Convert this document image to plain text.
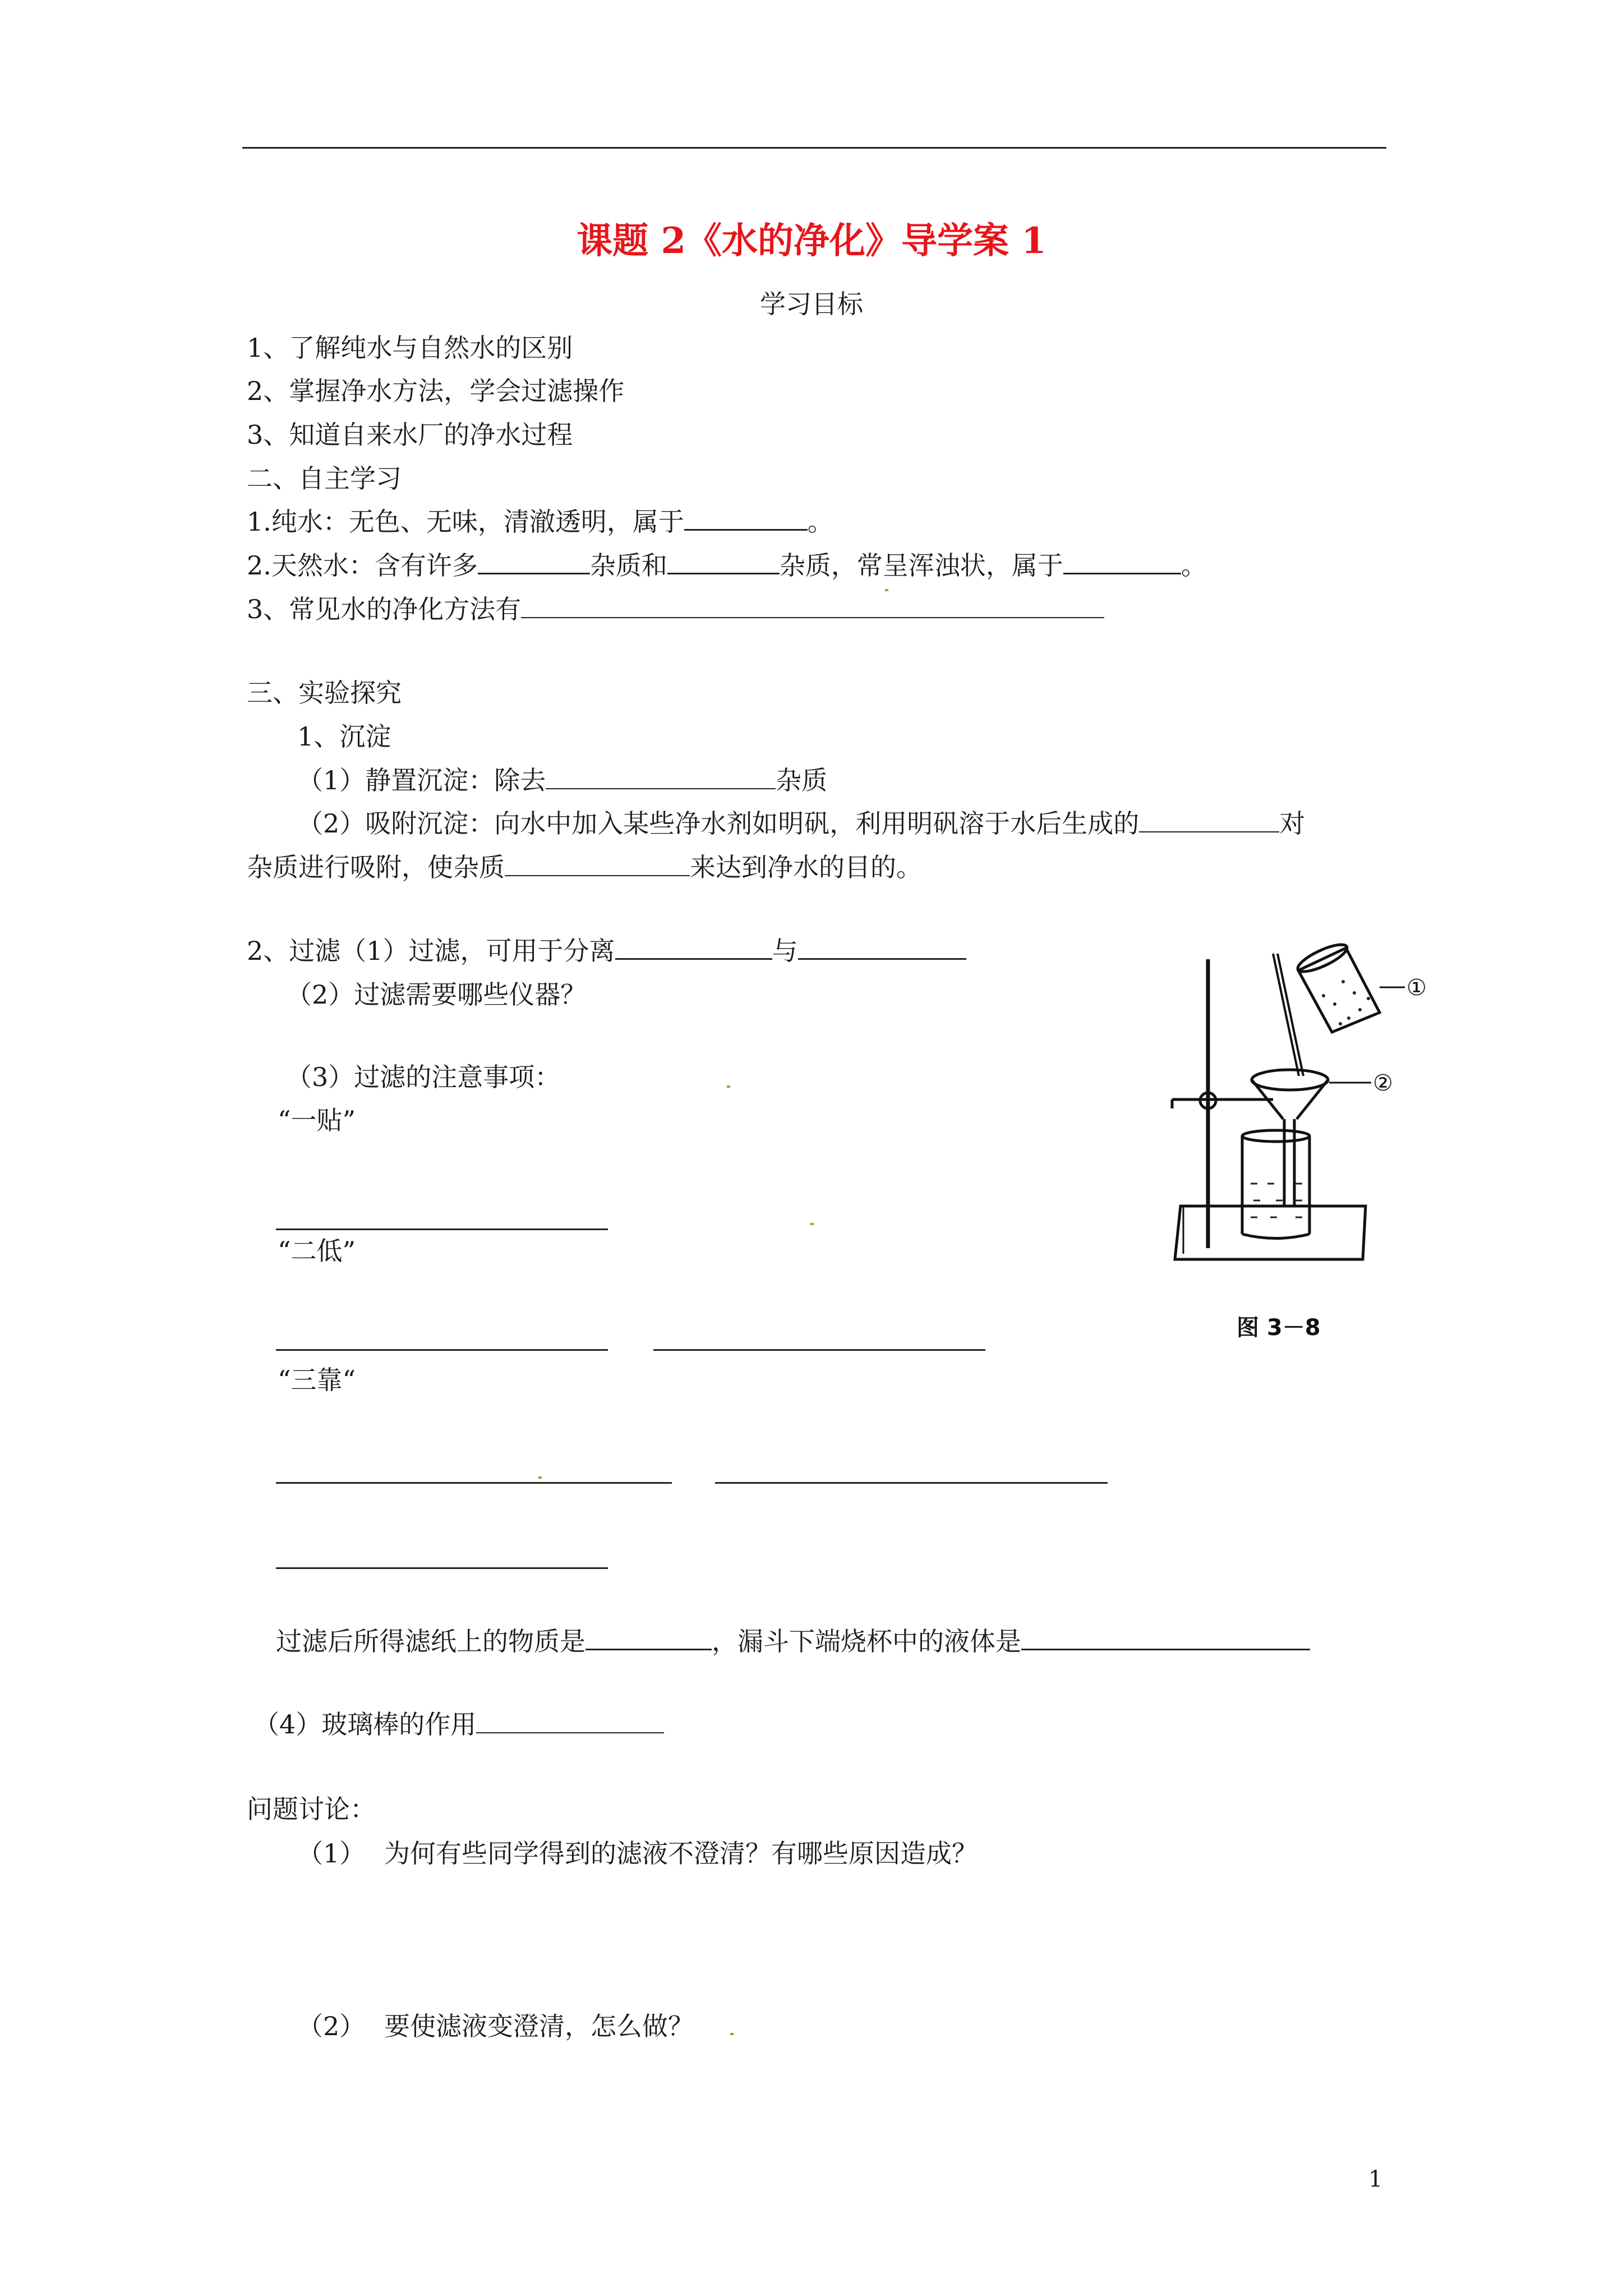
课题 2《水的净化》导学案 1
学习目标
1、了解纯水与自然水的区别
2、掌握净水方法，学会过滤操作
3、知道自来水厂的净水过程
二、自主学习
1.纯水：无色、无味，清澈透明，属于	。
2.天然水：含有许多	杂质和	杂质，常呈浑浊状，属于	。
3、常见水的净化方法有
三、实验探究
1、沉淀
（1）静置沉淀：除去	杂质
（2）吸附沉淀：向水中加入某些净水剂如明矾，利用明矾溶于水后生成的	对
杂质进行吸附，使杂质	来达到净水的目的。
2、过滤（1）过滤，可用于分离	与
（2）过滤需要哪些仪器？
（3）过滤的注意事项：
“一贴”
“二低”
“三靠“
过滤后所得滤纸上的物质是	，漏斗下端烧杯中的液体是
（4）玻璃棒的作用
问题讨论：
（1） 为何有些同学得到的滤液不澄清？有哪些原因造成？
（2） 要使滤液变澄清，怎么做？
1
①
②
图 3－8
